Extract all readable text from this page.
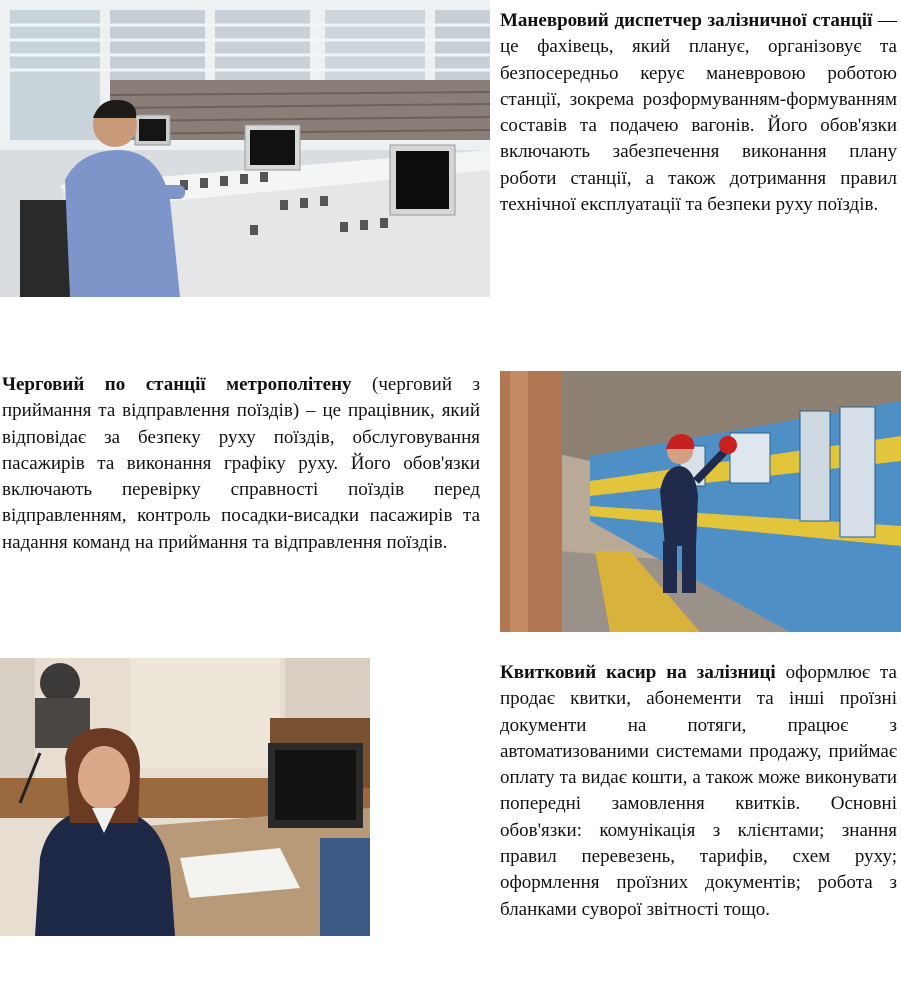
Маневровий диспетчер залізничної станції — це фахівець, який планує, організовує та безпосередньо керує маневровою роботою станції, зокрема розформуванням-формуванням составів та подачею вагонів. Його обов'язки включають забезпечення виконання плану роботи станції, а також дотримання правил технічної експлуатації та безпеки руху поїздів.
Черговий по станції метрополітену (черговий з приймання та відправлення поїздів) – це працівник, який відповідає за безпеку руху поїздів, обслуговування пасажирів та виконання графіку руху. Його обов'язки включають перевірку справності поїздів перед відправленням, контроль посадки-висадки пасажирів та надання команд на приймання та відправлення поїздів.
Квитковий касир на залізниці оформлює та продає квитки, абонементи та інші проїзні документи на потяги, працює з автоматизованими системами продажу, приймає оплату та видає кошти, а також може виконувати попередні замовлення квитків. Основні обов'язки: комунікація з клієнтами; знання правил перевезень, тарифів, схем руху; оформлення проїзних документів; робота з бланками суворої звітності тощо.
